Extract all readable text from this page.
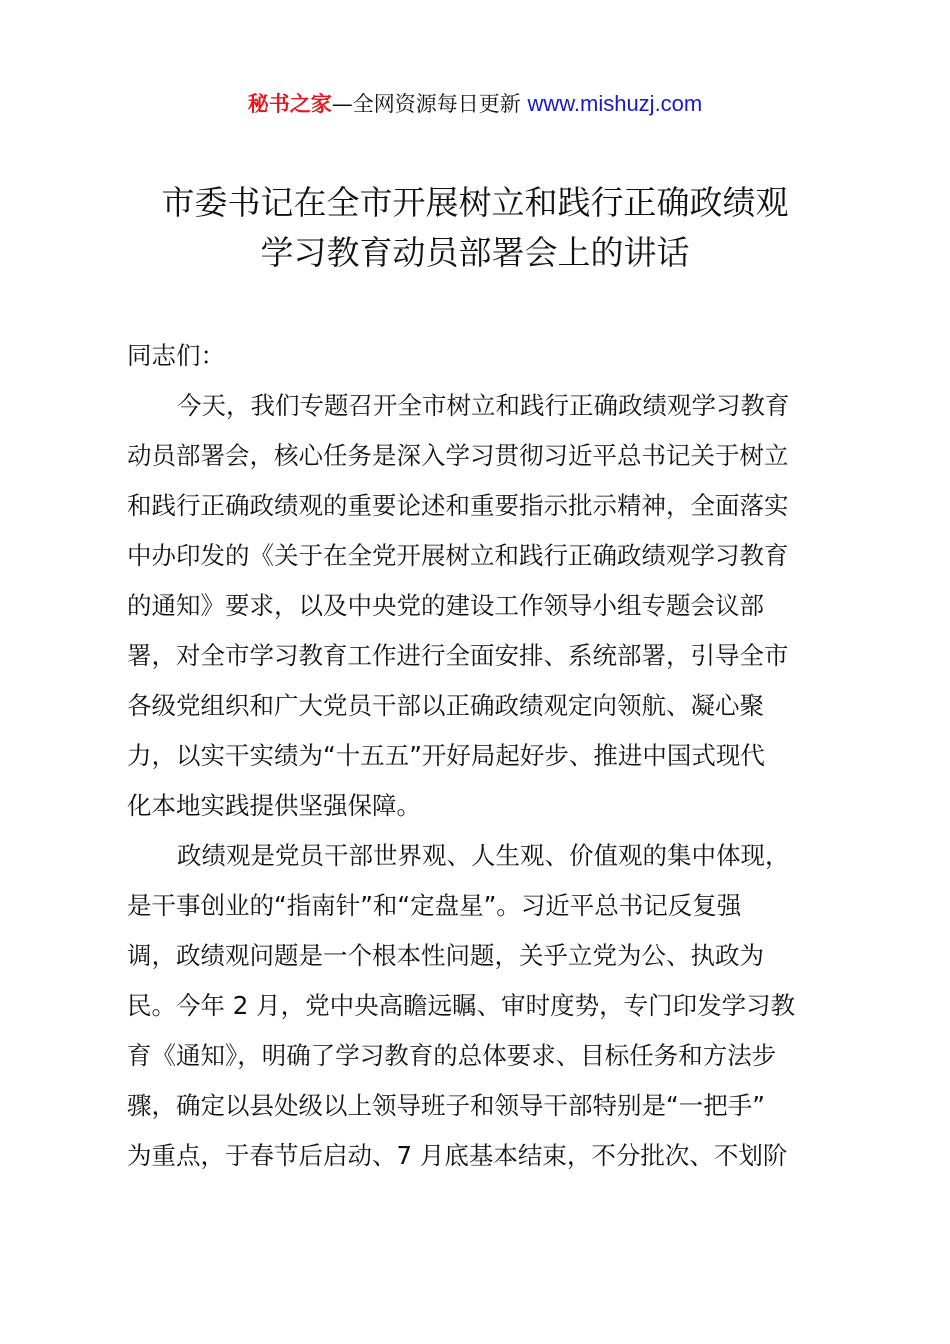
秘书之家—全网资源每日更新 www.mishuzj.com
市委书记在全市开展树立和践行正确政绩观
学习教育动员部署会上的讲话
同志们：
今天，我们专题召开全市树立和践行正确政绩观学习教育
动员部署会，核心任务是深入学习贯彻习近平总书记关于树立
和践行正确政绩观的重要论述和重要指示批示精神，全面落实
中办印发的《关于在全党开展树立和践行正确政绩观学习教育
的通知》要求，以及中央党的建设工作领导小组专题会议部
署，对全市学习教育工作进行全面安排、系统部署，引导全市
各级党组织和广大党员干部以正确政绩观定向领航、凝心聚
力，以实干实绩为“十五五”开好局起好步、推进中国式现代
化本地实践提供坚强保障。
政绩观是党员干部世界观、人生观、价值观的集中体现，
是干事创业的“指南针”和“定盘星”。习近平总书记反复强
调，政绩观问题是一个根本性问题，关乎立党为公、执政为
民。今年 2 月，党中央高瞻远瞩、审时度势，专门印发学习教
育《通知》，明确了学习教育的总体要求、目标任务和方法步
骤，确定以县处级以上领导班子和领导干部特别是“一把手”
为重点，于春节后启动、7 月底基本结束，不分批次、不划阶
